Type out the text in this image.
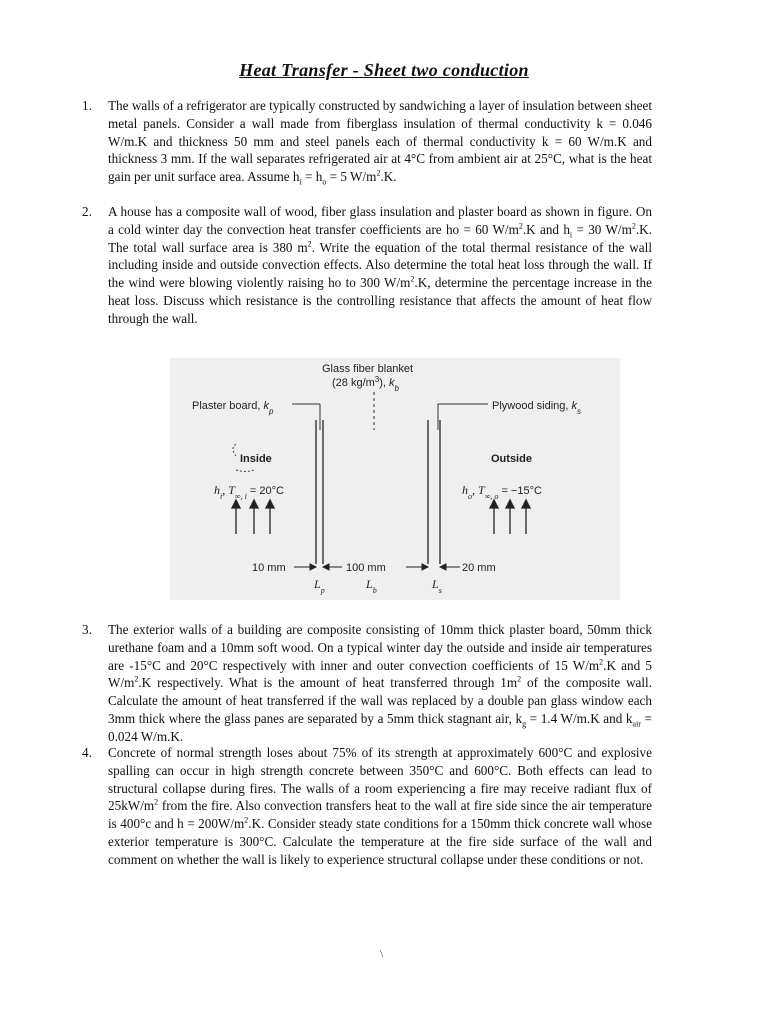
Heat Transfer - Sheet two conduction
1. The walls of a refrigerator are typically constructed by sandwiching a layer of insulation between sheet metal panels. Consider a wall made from fiberglass insulation of thermal conductivity k = 0.046 W/m.K and thickness 50 mm and steel panels each of thermal conductivity k = 60 W/m.K and thickness 3 mm. If the wall separates refrigerated air at 4°C from ambient air at 25°C, what is the heat gain per unit surface area. Assume $h_i = h_o = 5$ $W/m^2.K$.
2. A house has a composite wall of wood, fiber glass insulation and plaster board as shown in figure. On a cold winter day the convection heat transfer coefficients are ho = 60 $W/m^2.K$ and $h_i = 30$ $W/m^2.K$. The total wall surface area is 380 $m^2$. Write the equation of the total thermal resistance of the wall including inside and outside convection effects. Also determine the total heat loss through the wall. If the wind were blowing violently raising ho to 300 $W/m^2.K$, determine the percentage increase in the heat loss. Discuss which resistance is the controlling resistance that affects the amount of heat flow through the wall.
Glass fiber blanket
(28 $kg/m^3$), $k_b$
Plaster board, $k_p$	Plywood siding, $k_s$
Inside	Outside
$h_i$, $T_{\infty, i} = 20^\circ C$	$h_o$, $T_{\infty, o} = -15^\circ C$
10 mm	100 mm	20 mm
$L_p$	$L_b$	$L_s$
3. The exterior walls of a building are composite consisting of 10mm thick plaster board, 50mm thick urethane foam and a 10mm soft wood. On a typical winter day the outside and inside air temperatures are -15°C and 20°C respectively with inner and outer convection coefficients of 15 $W/m^2.K$ and 5 $W/m^2.K$ respectively. What is the amount of heat transferred through $1m^2$ of the composite wall. Calculate the amount of heat transferred if the wall was replaced by a double pan glass window each 3mm thick where the glass panes are separated by a 5mm thick stagnant air, $k_g = 1.4$ W/m.K and $k_{air} = 0.024$ W/m.K.
4. Concrete of normal strength loses about 75% of its strength at approximately 600°C and explosive spalling can occur in high strength concrete between 350°C and 600°C. Both effects can lead to structural collapse during fires. The walls of a room experiencing a fire may receive radiant flux of $25kW/m^2$ from the fire. Also convection transfers heat to the wall at fire side since the air temperature is 400°c and $h = 200W/m^2.K$. Consider steady state conditions for a 150mm thick concrete wall whose exterior temperature is 300°C. Calculate the temperature at the fire side surface of the wall and comment on whether the wall is likely to experience structural collapse under these conditions or not.
\
